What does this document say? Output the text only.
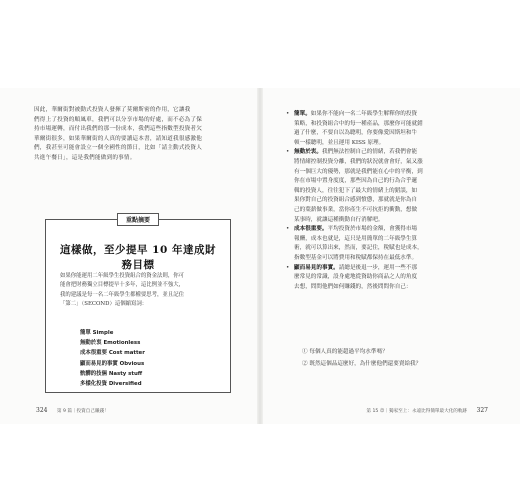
因此，華爾街對被動式投資人發揮了莫爾斯密的作用，它讓我
們得上了投資的順風車，我們可以分享市場的好處，而不必為了保
持市場運轉，而付出我們的那一份成本，我們這些指數型投資者欠
華爾街很多，如果華爾街的人真的要讀這本書，請知道我很感激他
們，我甚至可能會設立一個全國性的節日，比如「請主動式投資人
共進午餐日」，這是我們能做到的事情。

重點摘要
這樣做，至少提早 10 年達成財務目標
如果你能運用二年級學生投資組合的資金法則，你可
能會把財務獨立目標提早十多年，這比例並不強大，
我的建議是每一名二年級學生都權要思考，並且記住
「第二」（SECOND）這個縮寫詞：
簡單 Simple
無動於衷 Emotionless
成本很重要 Cost matter
顯而易見的事實 Obvious
骯髒的技倆 Nasty stuff
多樣化投資 Diversified
324 第 9 篇｜投資自己賺錢！
• 簡單。如果你不能向一名二年級學生解釋你的投資
策略，和投資組合中的每一種產品，那麼你可能就錯
過了什麼，不要自以為聰明，你要像愛因斯坦和牛
頓一樣聰明，並且運用 KISS 原理。
• 無動於衷。我們無法控制自己的情緒，若我們會能
將情緒控制投資分離，我們的狀況就會會好，氣又漲
有一個巨大的優勢，那就是我們能在心中的平衡，到
你在市場中置身度度，那些因為自己的行為合乎邏
輯的投資人，往往犯下了最大的情緒上的錯誤，如
果你對自己的投資組合感到憤憊，那就就是你為自
己的葉薪做事業，當你產生不可抗拒的衝動，想做
某事時，就讓這種衝動自行消解吧。
• 成本很重要。平均投資於市場的金額，會獲得市場
報酬，成本也就是，這只是用簡單的二年級學生算
術，就可以算出來，然而，要記住，稅賦也是成本，
指數型基金可以將費用和稅賦都保持在最低水準。
• 顯而易見的事實。請總是後退一步，運用一些不那
麼常見的常識，設身處地從資助你商品之人的角度
去想，問問他們如何賺錢的，然後問問你自己：
① 每個人真的能超過平均水準嗎？
② 既然這個品這麼好，為什麼他們還要賣給我？
第 15 章｜獨家至上：永遠比得簡單最大化的軌跡 327
